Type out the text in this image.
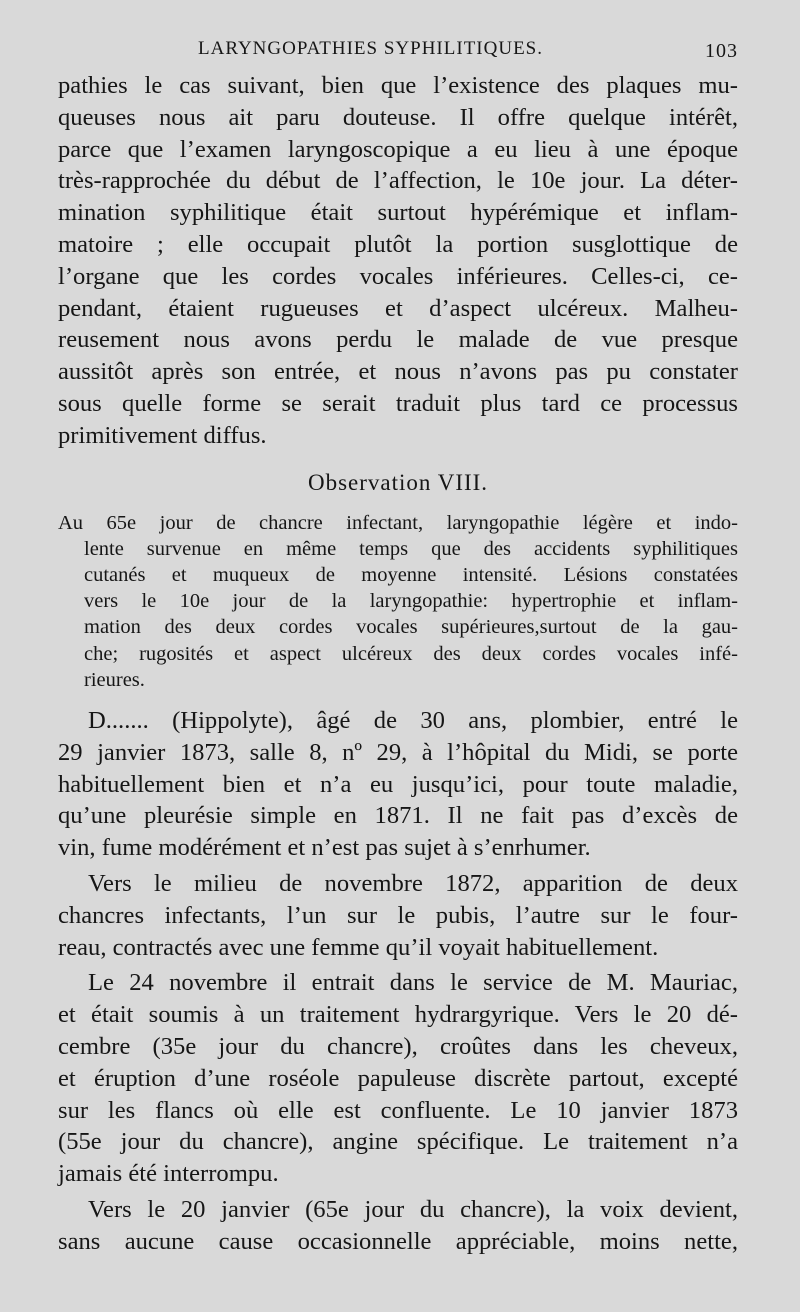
LARYNGOPATHIES SYPHILITIQUES.	103
pathies le cas suivant, bien que l’existence des plaques mu-
queuses nous ait paru douteuse. Il offre quelque intérêt,
parce que l’examen laryngoscopique a eu lieu à une époque
très-rapprochée du début de l’affection, le 10e jour. La déter-
mination syphilitique était surtout hypérémique et inflam-
matoire ; elle occupait plutôt la portion susglottique de
l’organe que les cordes vocales inférieures. Celles-ci, ce-
pendant, étaient rugueuses et d’aspect ulcéreux. Malheu-
reusement nous avons perdu le malade de vue presque
aussitôt après son entrée, et nous n’avons pas pu constater
sous quelle forme se serait traduit plus tard ce processus
primitivement diffus.
Observation VIII.
Au 65e jour de chancre infectant, laryngopathie légère et indo-
lente survenue en même temps que des accidents syphilitiques
cutanés et muqueux de moyenne intensité. Lésions constatées
vers le 10e jour de la laryngopathie: hypertrophie et inflam-
mation des deux cordes vocales supérieures,surtout de la gau-
che; rugosités et aspect ulcéreux des deux cordes vocales infé-
rieures.
D....... (Hippolyte), âgé de 30 ans, plombier, entré le
29 janvier 1873, salle 8, nº 29, à l’hôpital du Midi, se porte
habituellement bien et n’a eu jusqu’ici, pour toute maladie,
qu’une pleurésie simple en 1871. Il ne fait pas d’excès de
vin, fume modérément et n’est pas sujet à s’enrhumer.
Vers le milieu de novembre 1872, apparition de deux
chancres infectants, l’un sur le pubis, l’autre sur le four-
reau, contractés avec une femme qu’il voyait habituellement.
Le 24 novembre il entrait dans le service de M. Mauriac,
et était soumis à un traitement hydrargyrique. Vers le 20 dé-
cembre (35e jour du chancre), croûtes dans les cheveux,
et éruption d’une roséole papuleuse discrète partout, excepté
sur les flancs où elle est confluente. Le 10 janvier 1873
(55e jour du chancre), angine spécifique. Le traitement n’a
jamais été interrompu.
Vers le 20 janvier (65e jour du chancre), la voix devient,
sans aucune cause occasionnelle appréciable, moins nette,
